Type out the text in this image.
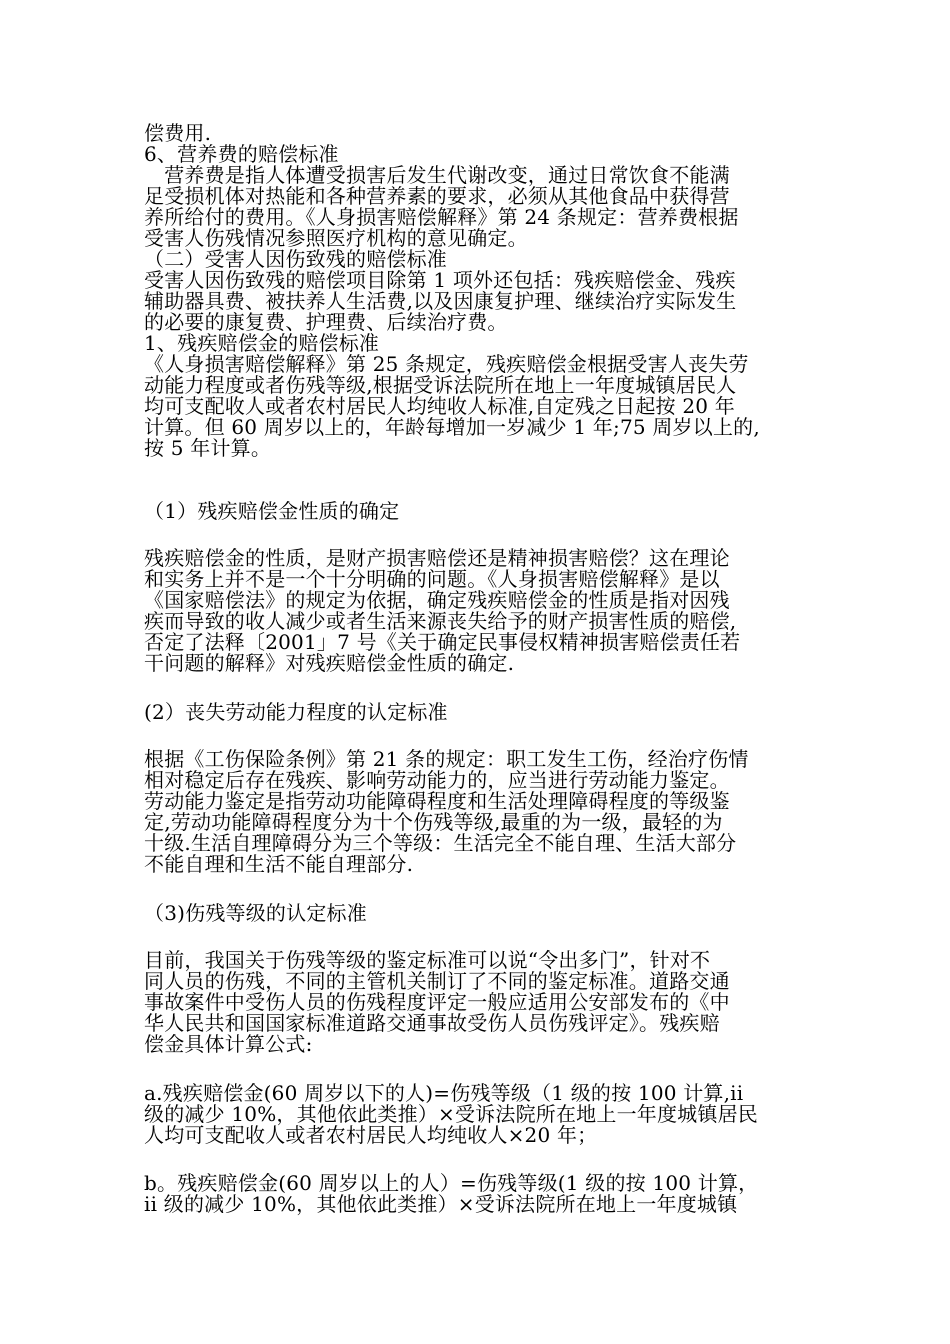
偿费用.
6、营养费的赔偿标准
　营养费是指人体遭受损害后发生代谢改变，通过日常饮食不能满
足受损机体对热能和各种营养素的要求，必须从其他食品中获得营
养所给付的费用。《人身损害赔偿解释》第 24 条规定：营养费根据
受害人伤残情况参照医疗机构的意见确定。
（二）受害人因伤致残的赔偿标准
受害人因伤致残的赔偿项目除第 1 项外还包括：残疾赔偿金、残疾
辅助器具费、被扶养人生活费,以及因康复护理、继续治疗实际发生
的必要的康复费、护理费、后续治疗费。
1、残疾赔偿金的赔偿标准
《人身损害赔偿解释》第 25 条规定，残疾赔偿金根据受害人丧失劳
动能力程度或者伤残等级,根据受诉法院所在地上一年度城镇居民人
均可支配收人或者农村居民人均纯收人标准,自定残之日起按 20 年
计算。但 60 周岁以上的，年龄每增加一岁减少 1 年;75 周岁以上的,
按 5 年计算。
（1）残疾赔偿金性质的确定
残疾赔偿金的性质，是财产损害赔偿还是精神损害赔偿？这在理论
和实务上并不是一个十分明确的问题。《人身损害赔偿解释》是以
《国家赔偿法》的规定为依据，确定残疾赔偿金的性质是指对因残
疾而导致的收人减少或者生活来源丧失给予的财产损害性质的赔偿,
否定了法释〔2001」7 号《关于确定民事侵权精神损害赔偿责任若
干问题的解释》对残疾赔偿金性质的确定.
(2）丧失劳动能力程度的认定标准
根据《工伤保险条例》第 21 条的规定：职工发生工伤，经治疗伤情
相对稳定后存在残疾、影响劳动能力的，应当进行劳动能力鉴定。
劳动能力鉴定是指劳动功能障碍程度和生活处理障碍程度的等级鉴
定,劳动功能障碍程度分为十个伤残等级,最重的为一级，最轻的为
十级.生活自理障碍分为三个等级：生活完全不能自理、生活大部分
不能自理和生活不能自理部分.
（3)伤残等级的认定标准
目前，我国关于伤残等级的鉴定标准可以说“令出多门”，针对不
同人员的伤残，不同的主管机关制订了不同的鉴定标准。道路交通
事故案件中受伤人员的伤残程度评定一般应适用公安部发布的《中
华人民共和国国家标准道路交通事故受伤人员伤残评定》。残疾赔
偿金具体计算公式:
a.残疾赔偿金(60 周岁以下的人)=伤残等级（1 级的按 100 计算,ii
级的减少 10%，其他依此类推）×受诉法院所在地上一年度城镇居民
人均可支配收人或者农村居民人均纯收人×20 年；
b。残疾赔偿金(60 周岁以上的人）=伤残等级(1 级的按 100 计算，
ii 级的减少 10%，其他依此类推）×受诉法院所在地上一年度城镇
